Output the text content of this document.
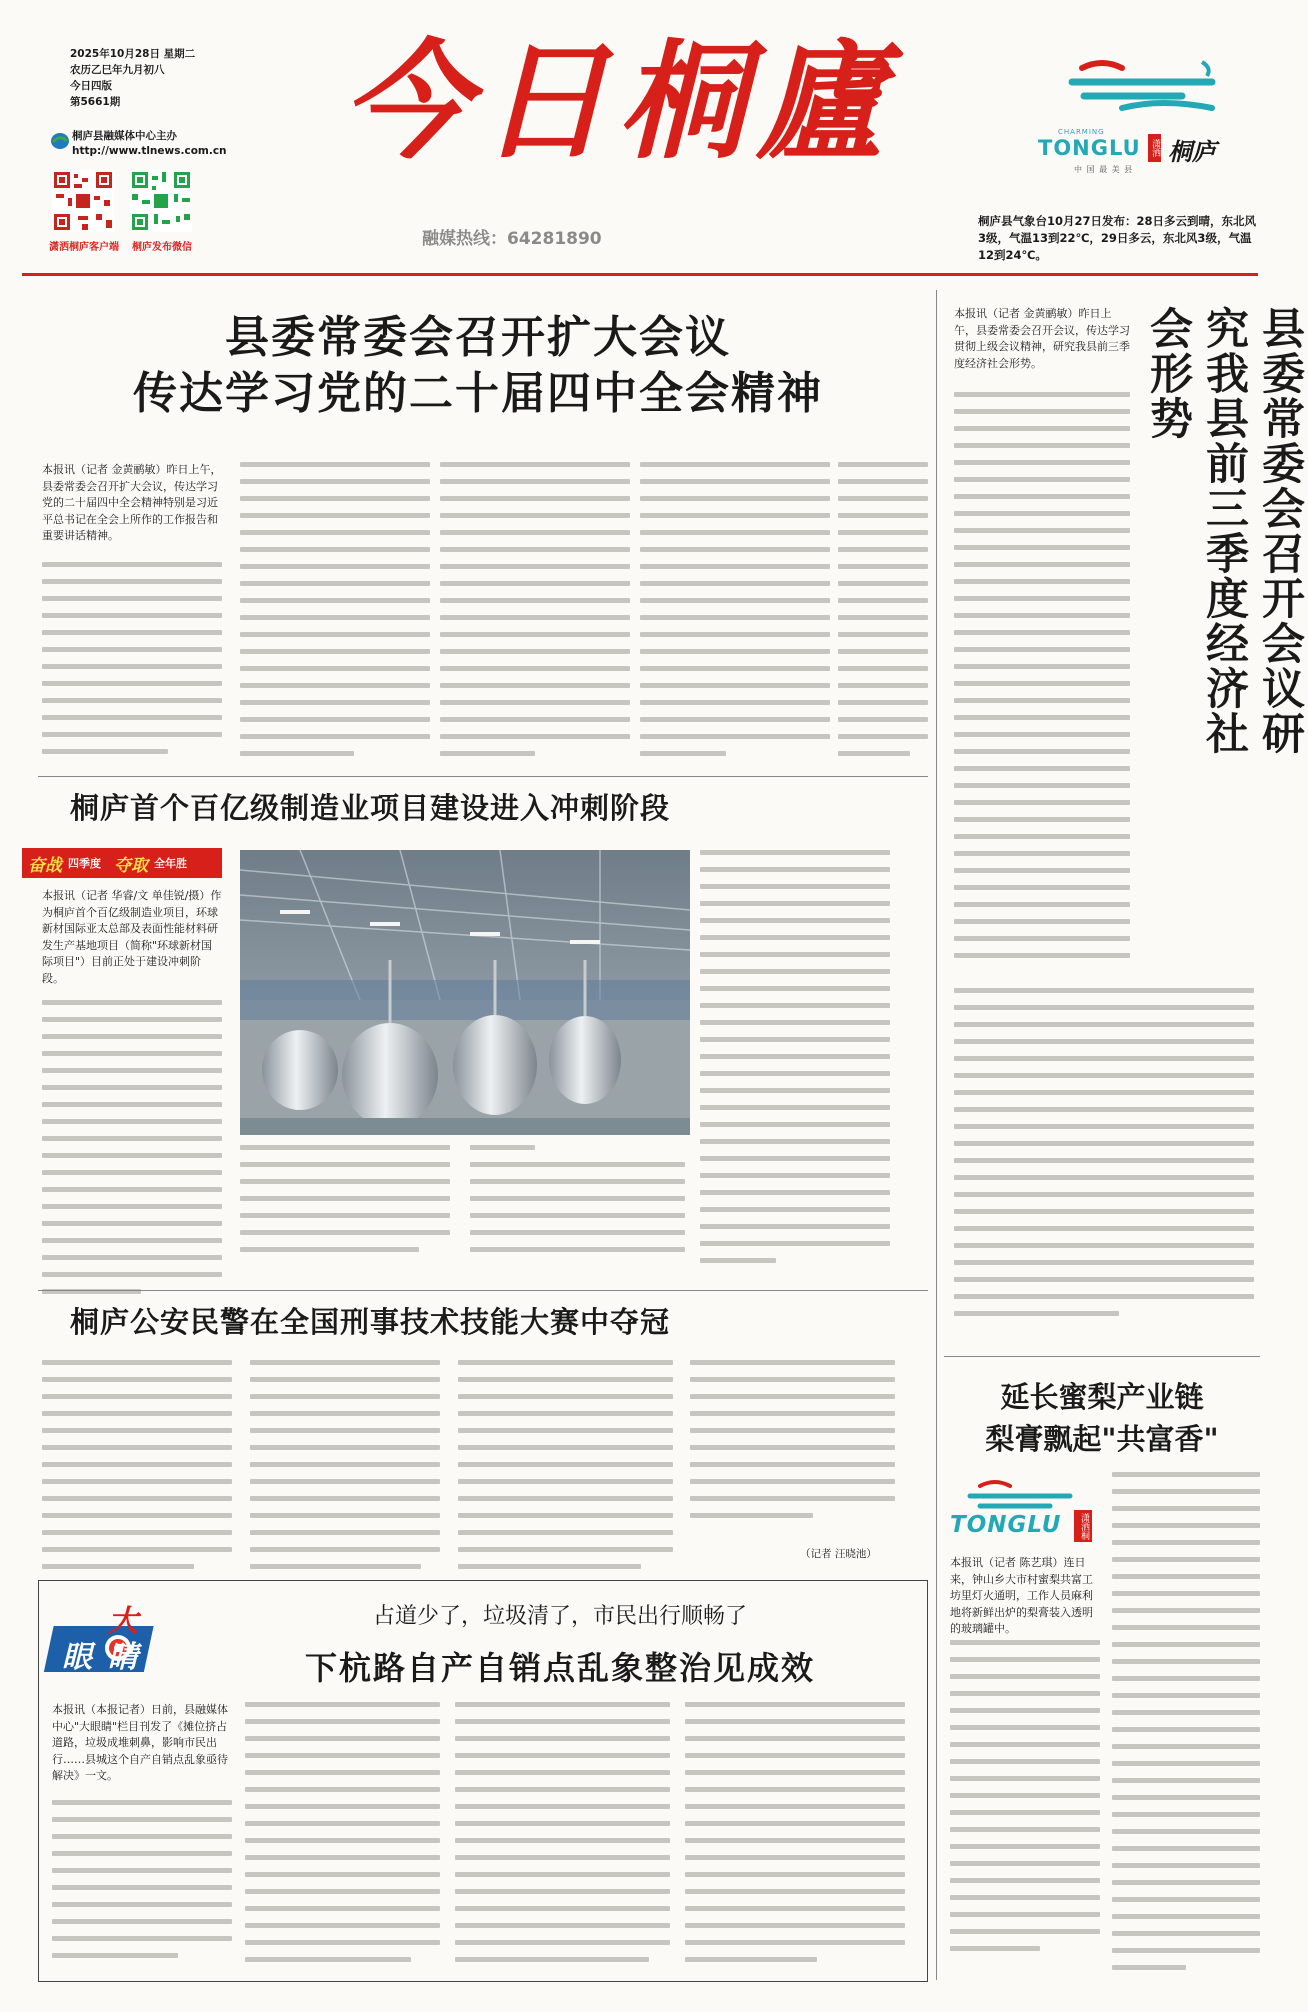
2025年10月28日 星期二
农历乙巳年九月初八
今日四版
第5661期
桐庐县融媒体中心主办
http://www.tlnews.com.cn
潇洒桐庐客户端	桐庐发布微信
今日桐廬
融媒热线：64281890
CHARMING
TONGLU 潇洒 桐庐
中 国 最 美 县
桐庐县气象台10月27日发布：28日多云到晴，东北风3级，气温13到22℃，29日多云，东北风3级，气温12到24℃。
县委常委会召开扩大会议
传达学习党的二十届四中全会精神
本报讯（记者 金黄鹂敏）昨日上午，县委常委会召开扩大会议，传达学习党的二十届四中全会精神特别是习近平总书记在全会上所作的工作报告和重要讲话精神。
桐庐首个百亿级制造业项目建设进入冲刺阶段
奋战 四季度 夺取 全年胜
本报讯（记者 华睿/文 单佳锐/摄）作为桐庐首个百亿级制造业项目，环球新材国际亚太总部及表面性能材料研发生产基地项目（简称"环球新材国际项目"）目前正处于建设冲刺阶段。
桐庐公安民警在全国刑事技术技能大赛中夺冠
（记者 汪晓池）
大
眼睛
占道少了，垃圾清了，市民出行顺畅了
下杭路自产自销点乱象整治见成效
本报讯（本报记者）日前，县融媒体中心"大眼睛"栏目刊发了《摊位挤占道路，垃圾成堆刺鼻，影响市民出行……县城这个自产自销点乱象亟待解决》一文。
县委常委会召开会议研究我县前三季度经济社会形势
本报讯（记者 金黄鹂敏）昨日上午，县委常委会召开会议，传达学习贯彻上级会议精神，研究我县前三季度经济社会形势。
延长蜜梨产业链
梨膏飘起"共富香"
TONGLU	潇洒桐庐
本报讯（记者 陈艺琪）连日来，钟山乡大市村蜜梨共富工坊里灯火通明，工作人员麻利地将新鲜出炉的梨膏装入透明的玻璃罐中。
